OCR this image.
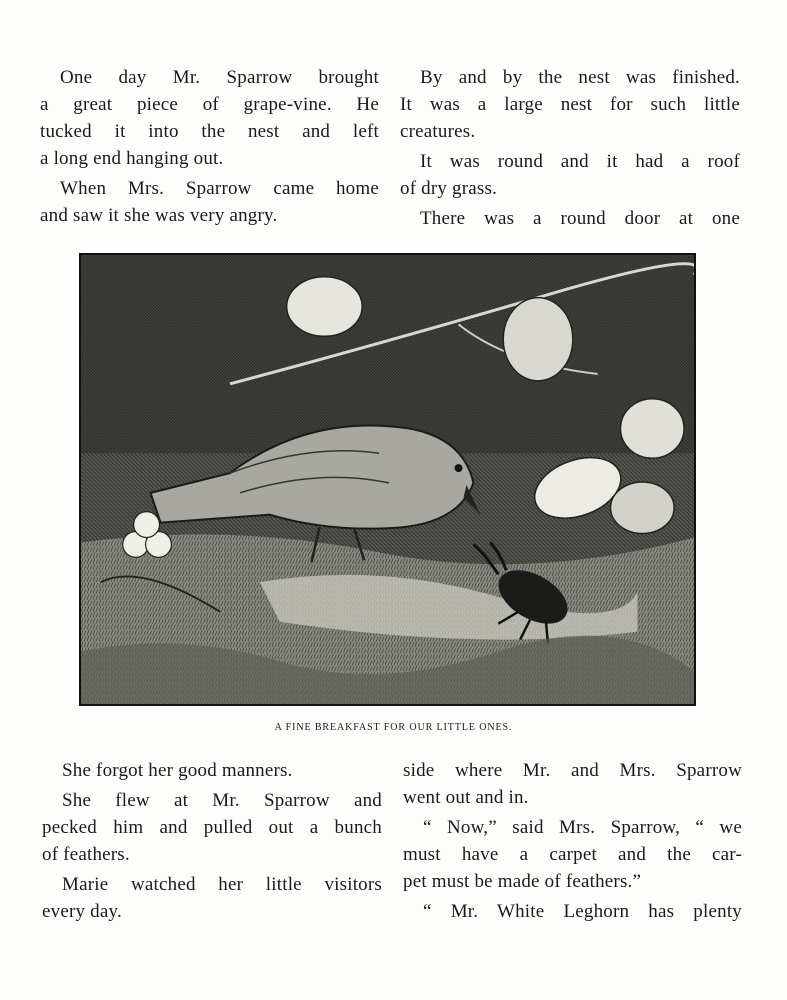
One day Mr. Sparrow brought
a great piece of grape-vine. He
tucked it into the nest and left
a long end hanging out.

When Mrs. Sparrow came home
and saw it she was very angry.

By and by the nest was finished.
It was a large nest for such little
creatures.

It was round and it had a roof
of dry grass.

There was a round door at one

A FINE BREAKFAST FOR OUR LITTLE ONES.

She forgot her good manners.

She flew at Mr. Sparrow and
pecked him and pulled out a bunch
of feathers.

Marie watched her little visitors
every day.

side where Mr. and Mrs. Sparrow
went out and in.

“ Now,” said Mrs. Sparrow, “ we
must have a carpet and the car-
pet must be made of feathers.”

“ Mr. White Leghorn has plenty
